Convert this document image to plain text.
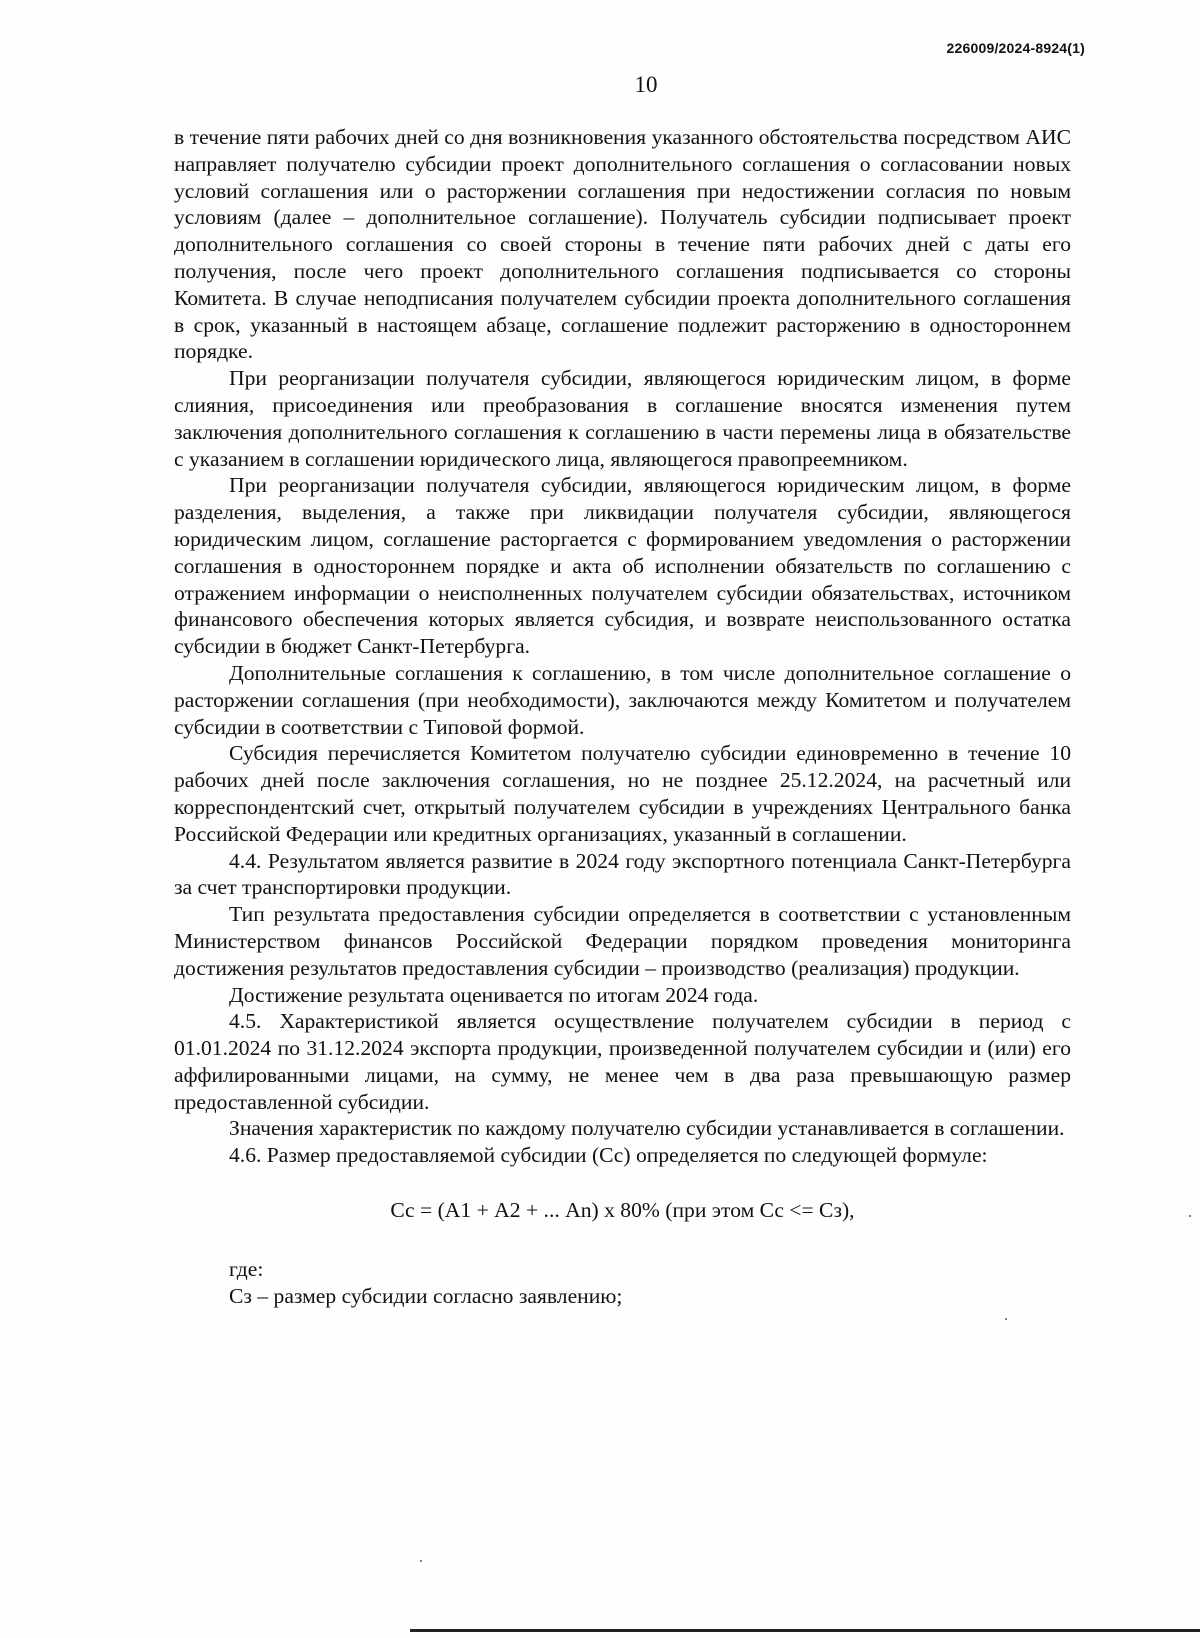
226009/2024-8924(1)
10

в течение пяти рабочих дней со дня возникновения указанного обстоятельства посредством АИС направляет получателю субсидии проект дополнительного соглашения о согласовании новых условий соглашения или о расторжении соглашения при недостижении согласия по новым условиям (далее – дополнительное соглашение). Получатель субсидии подписывает проект дополнительного соглашения со своей стороны в течение пяти рабочих дней с даты его получения, после чего проект дополнительного соглашения подписывается со стороны Комитета. В случае неподписания получателем субсидии проекта дополнительного соглашения в срок, указанный в настоящем абзаце, соглашение подлежит расторжению в одностороннем порядке.

При реорганизации получателя субсидии, являющегося юридическим лицом, в форме слияния, присоединения или преобразования в соглашение вносятся изменения путем заключения дополнительного соглашения к соглашению в части перемены лица в обязательстве с указанием в соглашении юридического лица, являющегося правопреемником.

При реорганизации получателя субсидии, являющегося юридическим лицом, в форме разделения, выделения, а также при ликвидации получателя субсидии, являющегося юридическим лицом, соглашение расторгается с формированием уведомления о расторжении соглашения в одностороннем порядке и акта об исполнении обязательств по соглашению с отражением информации о неисполненных получателем субсидии обязательствах, источником финансового обеспечения которых является субсидия, и возврате неиспользованного остатка субсидии в бюджет Санкт-Петербурга.

Дополнительные соглашения к соглашению, в том числе дополнительное соглашение о расторжении соглашения (при необходимости), заключаются между Комитетом и получателем субсидии в соответствии с Типовой формой.

Субсидия перечисляется Комитетом получателю субсидии единовременно в течение 10 рабочих дней после заключения соглашения, но не позднее 25.12.2024, на расчетный или корреспондентский счет, открытый получателем субсидии в учреждениях Центрального банка Российской Федерации или кредитных организациях, указанный в соглашении.

4.4. Результатом является развитие в 2024 году экспортного потенциала Санкт-Петербурга за счет транспортировки продукции.

Тип результата предоставления субсидии определяется в соответствии с установленным Министерством финансов Российской Федерации порядком проведения мониторинга достижения результатов предоставления субсидии – производство (реализация) продукции.

Достижение результата оценивается по итогам 2024 года.

4.5. Характеристикой является осуществление получателем субсидии в период с 01.01.2024 по 31.12.2024 экспорта продукции, произведенной получателем субсидии и (или) его аффилированными лицами, на сумму, не менее чем в два раза превышающую размер предоставленной субсидии.

Значения характеристик по каждому получателю субсидии устанавливается в соглашении.

4.6. Размер предоставляемой субсидии (Сс) определяется по следующей формуле:

Сс = (А1 + А2 + ... Аn) x 80% (при этом Сс <= Сз),

где:

Сз – размер субсидии согласно заявлению;
